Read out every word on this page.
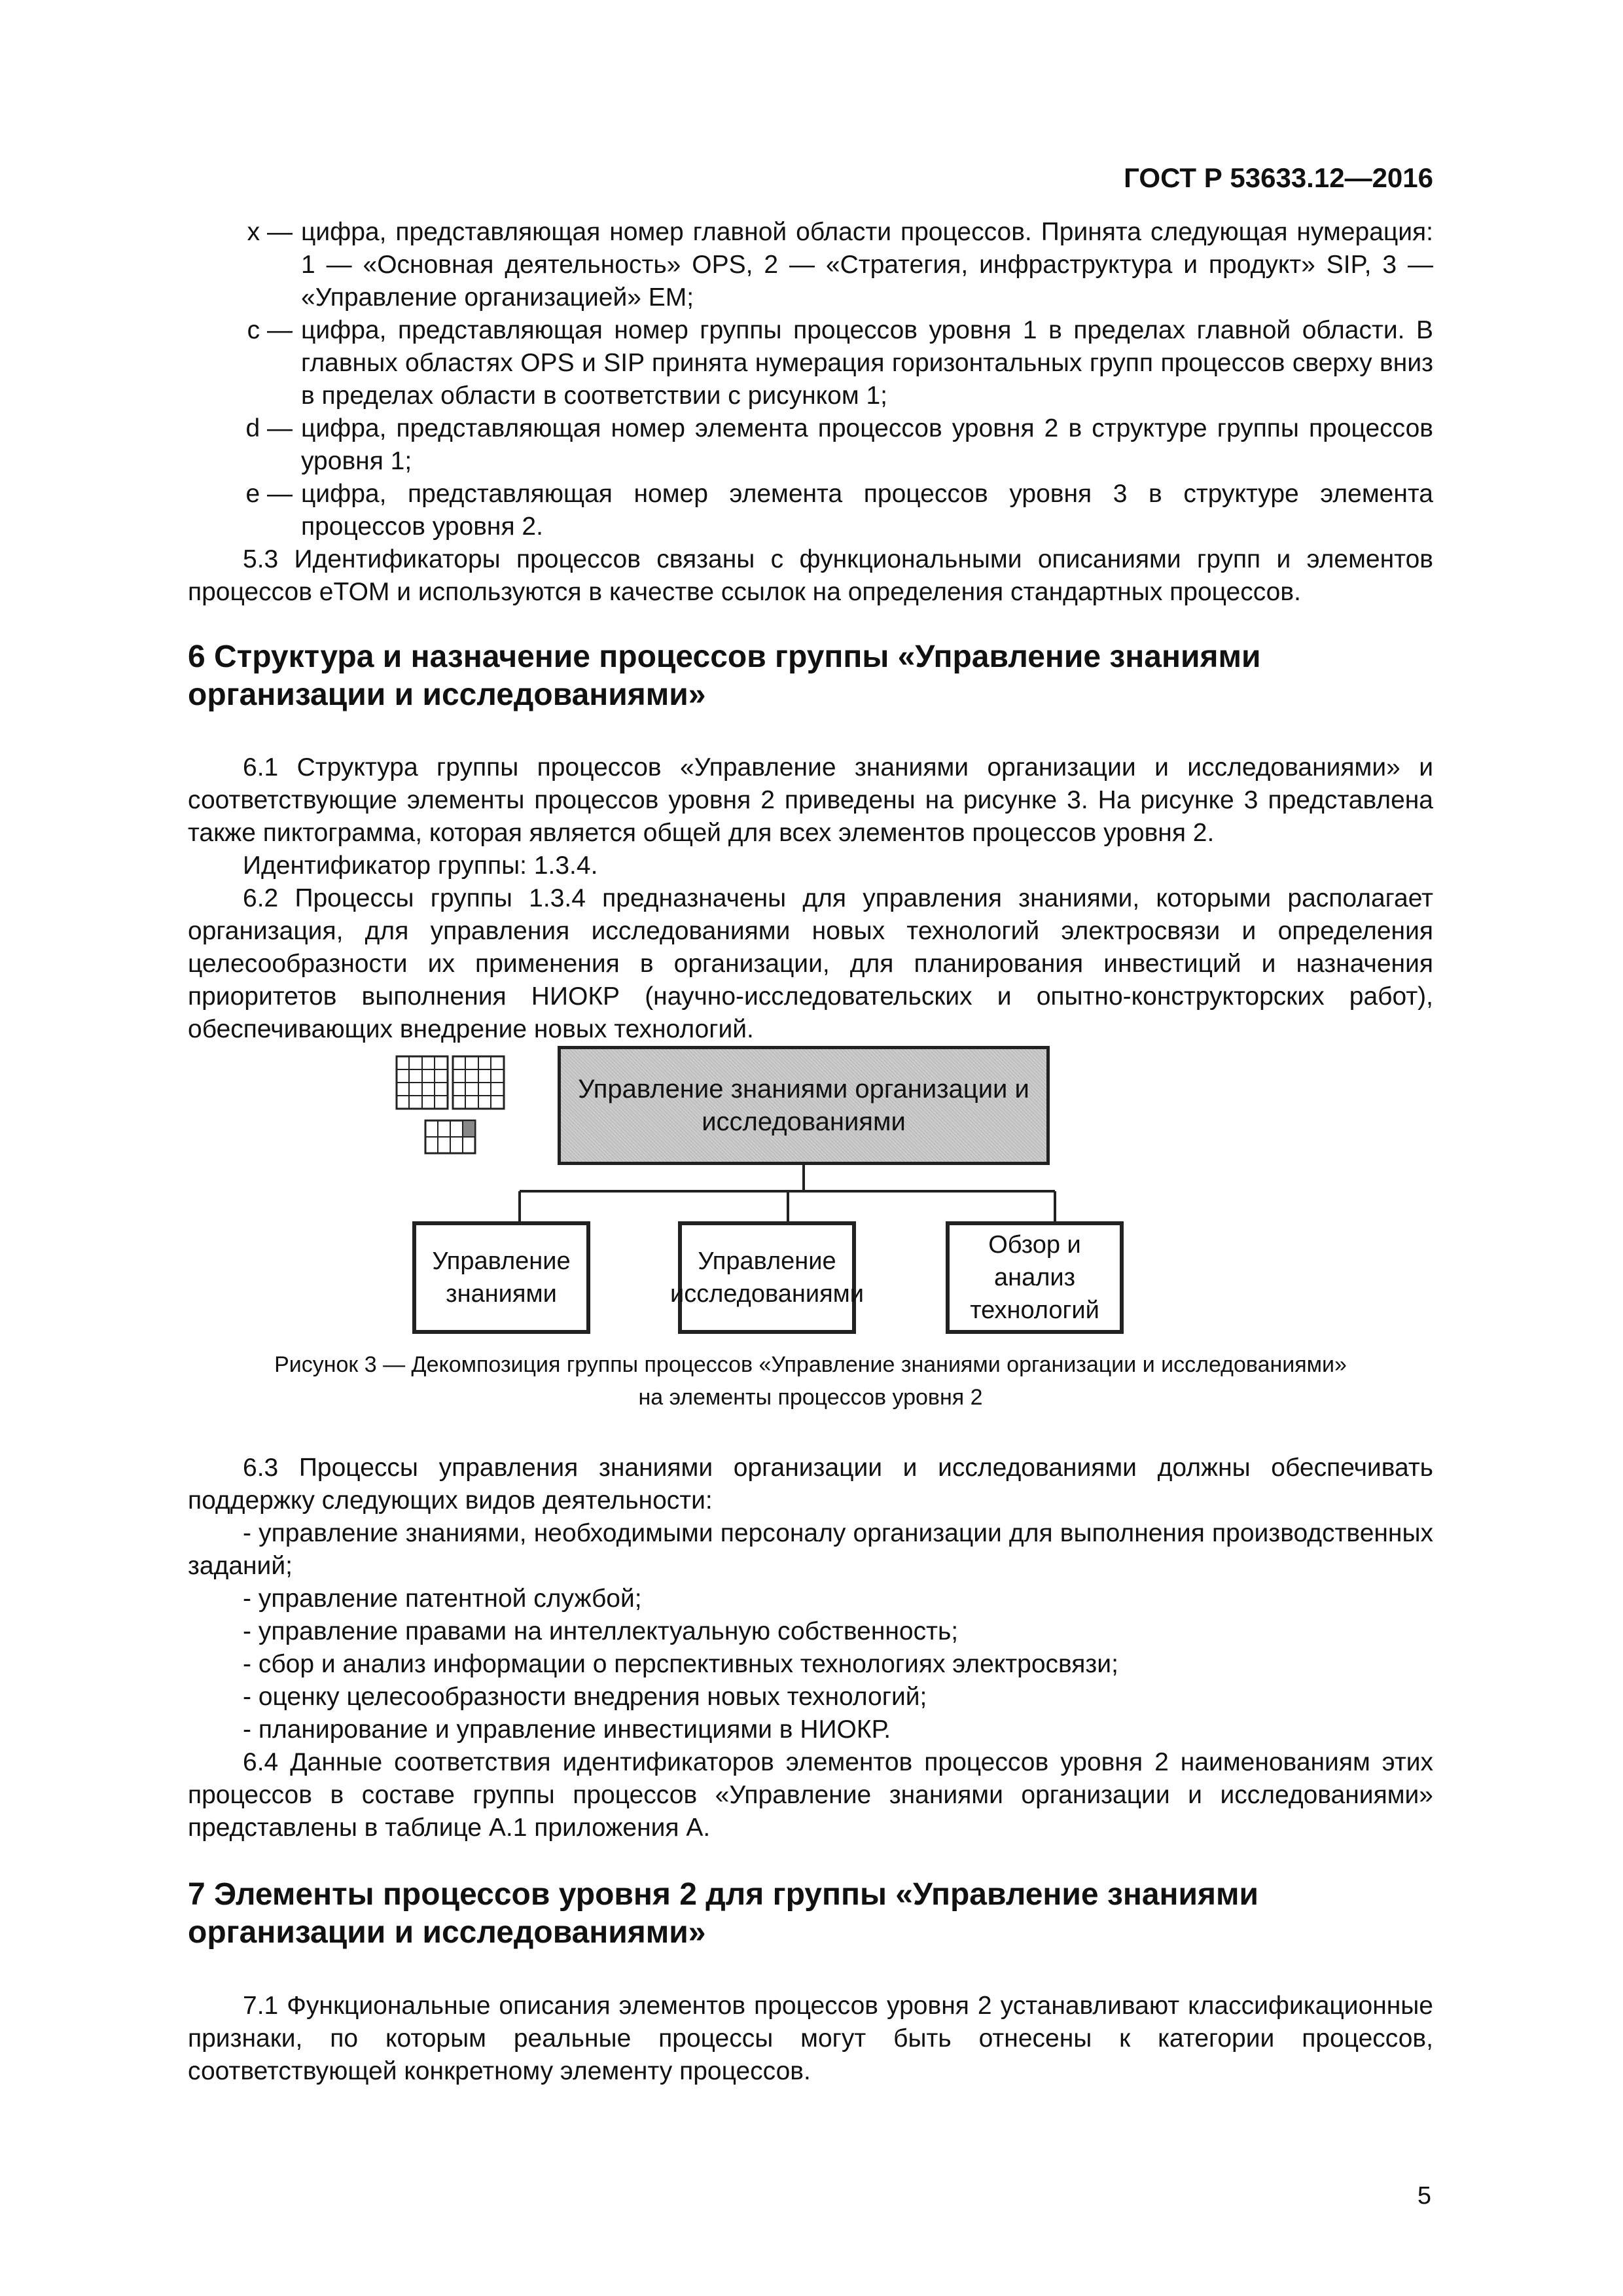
ГОСТ Р 53633.12—2016
x — цифра, представляющая номер главной области процессов. Принята следующая нумерация: 1 — «Основная деятельность» OPS, 2 — «Стратегия, инфраструктура и продукт» SIP, 3 — «Управление организацией» EM;
c — цифра, представляющая номер группы процессов уровня 1 в пределах главной области. В главных областях OPS и SIP принята нумерация горизонтальных групп процессов сверху вниз в пределах области в соответствии с рисунком 1;
d — цифра, представляющая номер элемента процессов уровня 2 в структуре группы процессов уровня 1;
e — цифра, представляющая номер элемента процессов уровня 3 в структуре элемента процессов уровня 2.

5.3 Идентификаторы процессов связаны с функциональными описаниями групп и элементов процессов eTOM и используются в качестве ссылок на определения стандартных процессов.

6 Структура и назначение процессов группы «Управление знаниями
организации и исследованиями»

6.1 Структура группы процессов «Управление знаниями организации и исследованиями» и соответствующие элементы процессов уровня 2 приведены на рисунке 3. На рисунке 3 представлена также пиктограмма, которая является общей для всех элементов процессов уровня 2.

Идентификатор группы: 1.3.4.

6.2 Процессы группы 1.3.4 предназначены для управления знаниями, которыми располагает организация, для управления исследованиями новых технологий электросвязи и определения целесообразности их применения в организации, для планирования инвестиций и назначения приоритетов выполнения НИОКР (научно-исследовательских и опытно-конструкторских работ), обеспечивающих внедрение новых технологий.

Управление знаниями организации и исследованиями
Управление знаниями
Управление исследованиями
Обзор и анализ технологий
Рисунок 3 — Декомпозиция группы процессов «Управление знаниями организации и исследованиями»
на элементы процессов уровня 2

6.3 Процессы управления знаниями организации и исследованиями должны обеспечивать поддержку следующих видов деятельности:

- управление знаниями, необходимыми персоналу организации для выполнения производственных заданий;

- управление патентной службой;

- управление правами на интеллектуальную собственность;

- сбор и анализ информации о перспективных технологиях электросвязи;

- оценку целесообразности внедрения новых технологий;

- планирование и управление инвестициями в НИОКР.

6.4 Данные соответствия идентификаторов элементов процессов уровня 2 наименованиям этих процессов в составе группы процессов «Управление знаниями организации и исследованиями» представлены в таблице А.1 приложения А.

7 Элементы процессов уровня 2 для группы «Управление знаниями
организации и исследованиями»

7.1 Функциональные описания элементов процессов уровня 2 устанавливают классификационные признаки, по которым реальные процессы могут быть отнесены к категории процессов, соответствующей конкретному элементу процессов.

5
